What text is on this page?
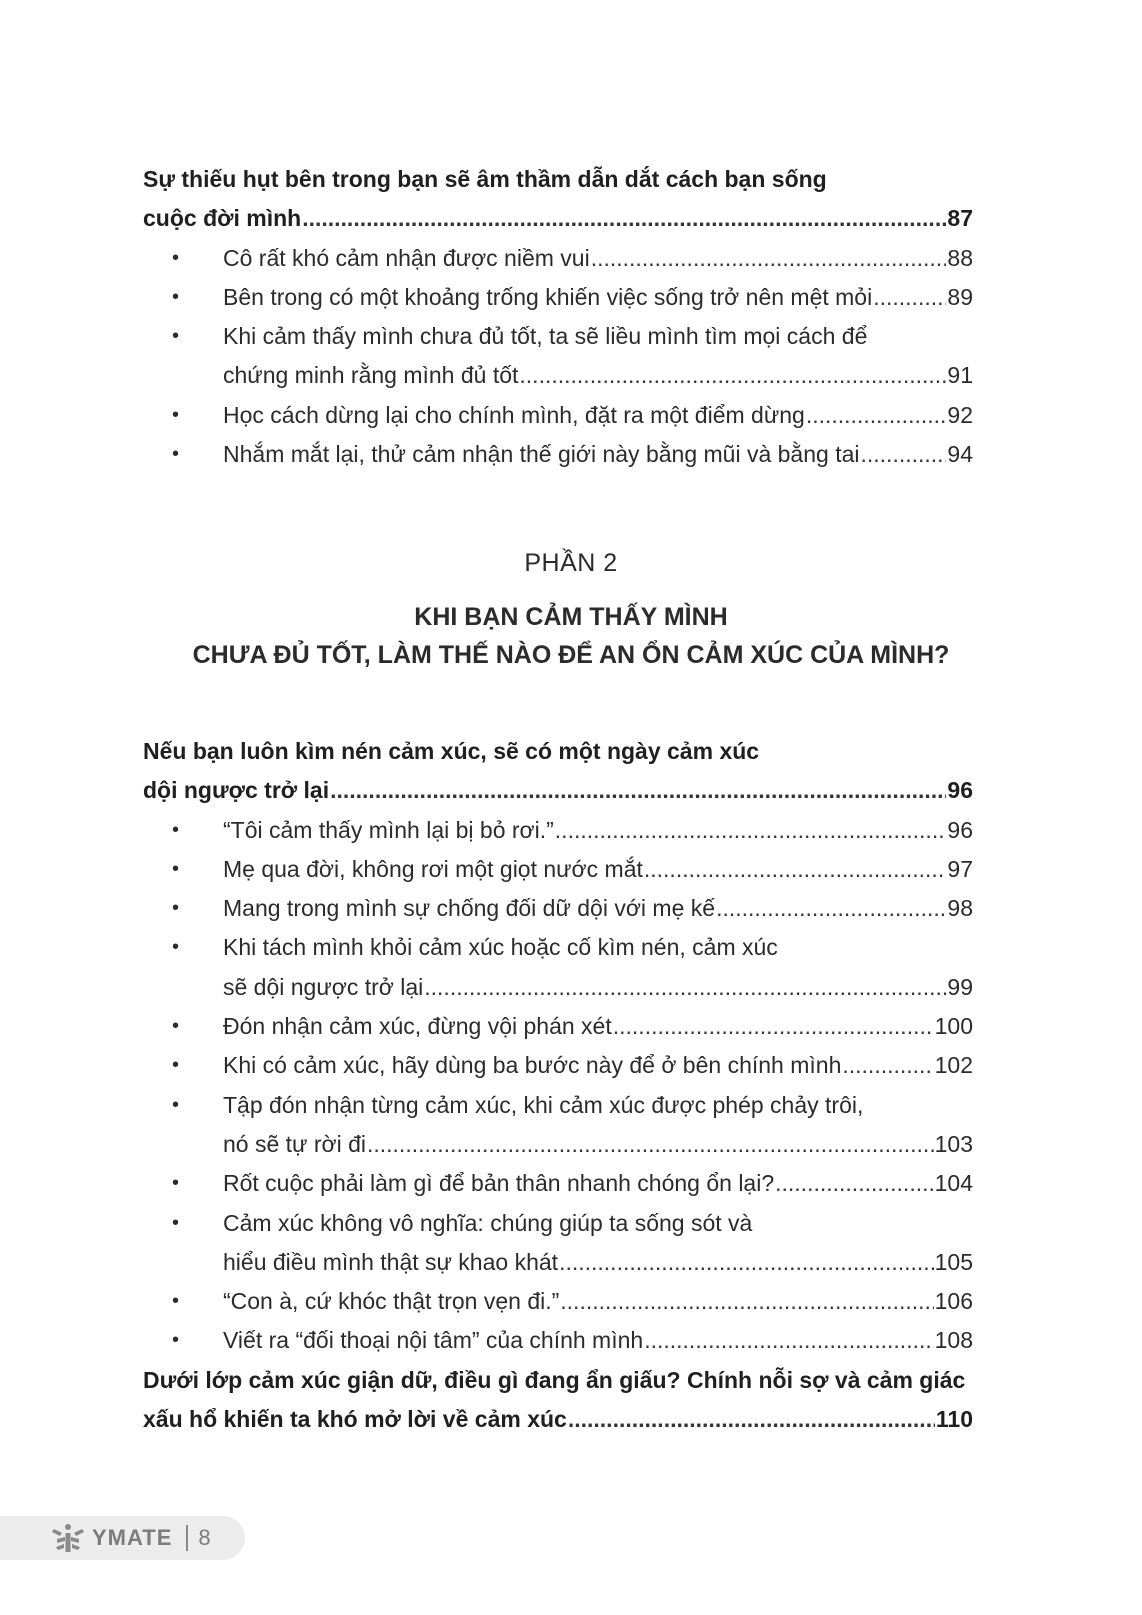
Sự thiếu hụt bên trong bạn sẽ âm thầm dẫn dắt cách bạn sống
cuộc đời mình .....	87
• Cô rất khó cảm nhận được niềm vui .....	88
• Bên trong có một khoảng trống khiến việc sống trở nên mệt mỏi .....	89
• Khi cảm thấy mình chưa đủ tốt, ta sẽ liều mình tìm mọi cách để
chứng minh rằng mình đủ tốt .....	91
• Học cách dừng lại cho chính mình, đặt ra một điểm dừng .....	92
• Nhắm mắt lại, thử cảm nhận thế giới này bằng mũi và bằng tai .....	94
PHẦN 2
KHI BẠN CẢM THẤY MÌNH
CHƯA ĐỦ TỐT, LÀM THẾ NÀO ĐỂ AN ỔN CẢM XÚC CỦA MÌNH?
Nếu bạn luôn kìm nén cảm xúc, sẽ có một ngày cảm xúc
dội ngược trở lại .....	96
• “Tôi cảm thấy mình lại bị bỏ rơi.” .....	96
• Mẹ qua đời, không rơi một giọt nước mắt .....	97
• Mang trong mình sự chống đối dữ dội với mẹ kế .....	98
• Khi tách mình khỏi cảm xúc hoặc cố kìm nén, cảm xúc
sẽ dội ngược trở lại .....	99
• Đón nhận cảm xúc, đừng vội phán xét .....	100
• Khi có cảm xúc, hãy dùng ba bước này để ở bên chính mình .....	102
• Tập đón nhận từng cảm xúc, khi cảm xúc được phép chảy trôi,
nó sẽ tự rời đi .....	103
• Rốt cuộc phải làm gì để bản thân nhanh chóng ổn lại? .....	104
• Cảm xúc không vô nghĩa: chúng giúp ta sống sót và
hiểu điều mình thật sự khao khát .....	105
• “Con à, cứ khóc thật trọn vẹn đi.” .....	106
• Viết ra “đối thoại nội tâm” của chính mình .....	108
Dưới lớp cảm xúc giận dữ, điều gì đang ẩn giấu? Chính nỗi sợ và cảm giác
xấu hổ khiến ta khó mở lời về cảm xúc .....	110
YMATE 8
